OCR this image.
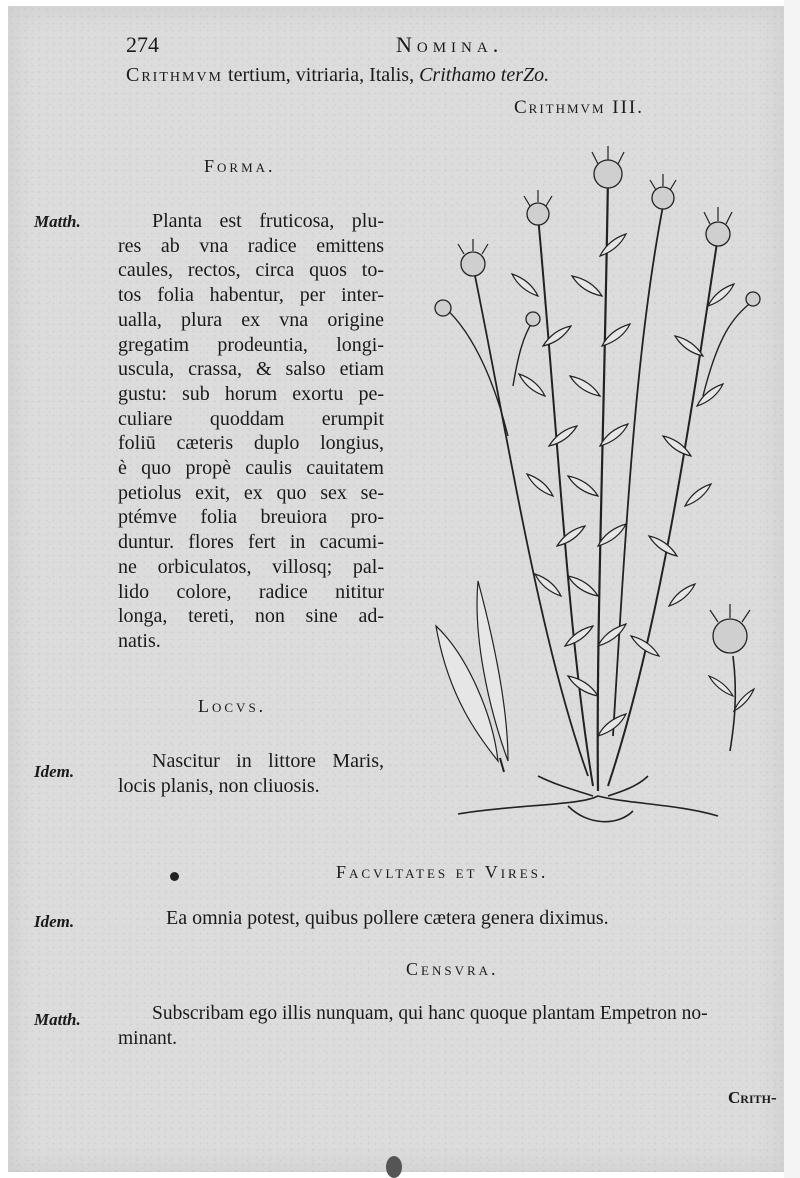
274	Nomina.
Crithmvm tertium, vitriaria, Italis, Crithamo terZo.
Crithmvm III.
Forma.
Matth.	Planta est fruticosa, plu-
res ab vna radice emittens
caules, rectos, circa quos to-
tos folia habentur, per inter-
ualla, plura ex vna origine
gregatim prodeuntia, longi-
uscula, crassa, & salso etiam
gustu: sub horum exortu pe-
culiare quoddam erumpit
foliū cæteris duplo longius,
è quo propè caulis cauitatem
petiolus exit, ex quo sex se-
ptémve folia breuiora pro-
duntur. flores fert in cacumi-
ne orbiculatos, villosq; pal-
lido colore, radice nititur
longa, tereti, non sine ad-
natis.
Locvs.
Idem.	Nascitur in littore Maris,
locis planis, non cliuosis.
Facvltates et Vires.
Idem.	Ea omnia potest, quibus pollere cætera genera diximus.
Censvra.
Matth.	Subscribam ego illis nunquam, qui hanc quoque plantam Empetron no-
minant.
Crith-
